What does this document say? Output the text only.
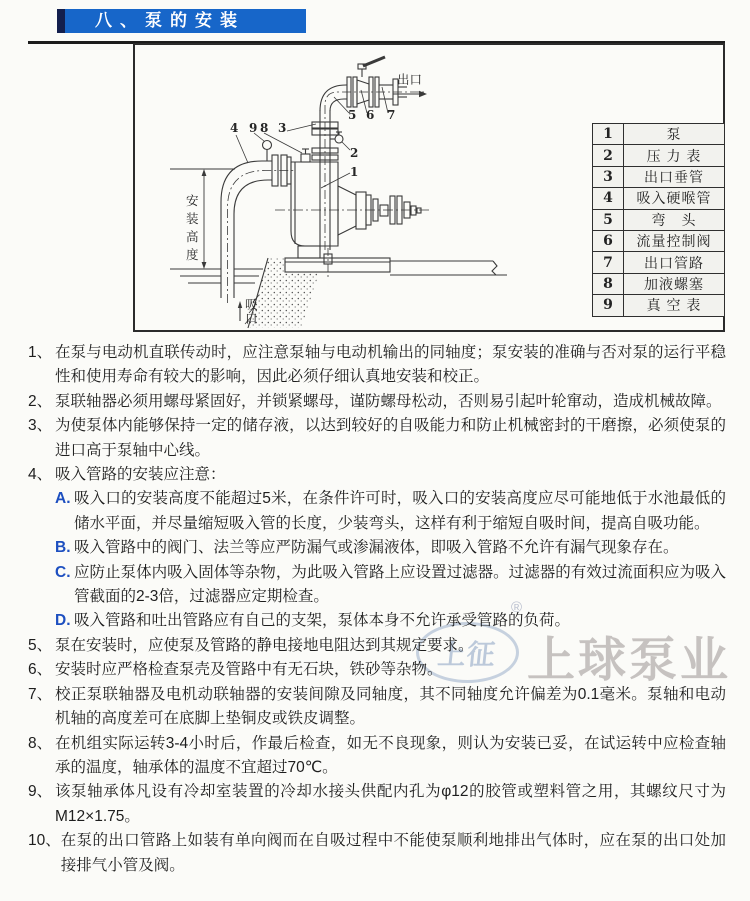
八、泵的安装
出口
吸
口
安
装
高
度
4 9 8 3
5 6 7
2
1
1	泵
2	压 力 表
3	出口垂管
4	吸入硬喉管
5	弯　头
6	流量控制阀
7	出口管路
8	加液螺塞
9	真 空 表
上征
®
上球泵业
1、 在泵与电动机直联传动时，应注意泵轴与电动机输出的同轴度；泵安装的准确与否对泵的运行平稳性和使用寿命有较大的影响，因此必须仔细认真地安装和校正。
2、 泵联轴器必须用螺母紧固好，并锁紧螺母，谨防螺母松动，否则易引起叶轮窜动，造成机械故障。
3、 为使泵体内能够保持一定的储存液，以达到较好的自吸能力和防止机械密封的干磨擦，必须使泵的进口高于泵轴中心线。
4、 吸入管路的安装应注意：
A. 吸入口的安装高度不能超过5米，在条件许可时，吸入口的安装高度应尽可能地低于水池最低的储水平面，并尽量缩短吸入管的长度，少装弯头，这样有利于缩短自吸时间，提高自吸功能。
B. 吸入管路中的阀门、法兰等应严防漏气或渗漏液体，即吸入管路不允许有漏气现象存在。
C. 应防止泵体内吸入固体等杂物，为此吸入管路上应设置过滤器。过滤器的有效过流面积应为吸入管截面的2-3倍，过滤器应定期检查。
D. 吸入管路和吐出管路应有自己的支架，泵体本身不允许承受管路的负荷。
5、 泵在安装时，应使泵及管路的静电接地电阻达到其规定要求。
6、 安装时应严格检查泵壳及管路中有无石块，铁砂等杂物。
7、 校正泵联轴器及电机动联轴器的安装间隙及同轴度，其不同轴度允许偏差为0.1毫米。泵轴和电动机轴的高度差可在底脚上垫铜皮或铁皮调整。
8、 在机组实际运转3-4小时后，作最后检查，如无不良现象，则认为安装已妥，在试运转中应检查轴承的温度，轴承体的温度不宜超过70℃。
9、 该泵轴承体凡设有冷却室装置的冷却水接头供配内孔为φ12的胶管或塑料管之用，其螺纹尺寸为M12×1.75。
10、 在泵的出口管路上如装有单向阀而在自吸过程中不能使泵顺利地排出气体时，应在泵的出口处加接排气小管及阀。
